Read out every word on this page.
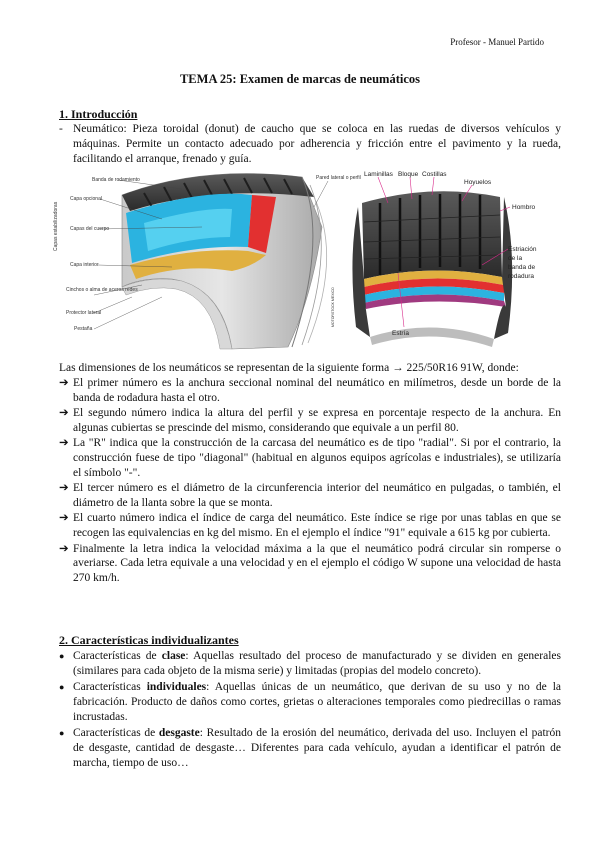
Profesor - Manuel Partido
TEMA 25: Examen de marcas de neumáticos
1. Introducción
- Neumático: Pieza toroidal (donut) de caucho que se coloca en las ruedas de diversos vehículos y máquinas. Permite un contacto adecuado por adherencia y fricción entre el pavimento y la rueda, facilitando el arranque, frenado y guía.
Banda de rodamiento
Capa opcional
Capas del cuerpo
Capa interior
Cinchos o alma de aceros redes
Protector lateral
Pestaña
Pared lateral o perfil
Capas estabilizadoras
MOTORSTOCK MEXICO
Laminillas Bloque Costillas
Hoyuelos
Hombro
Estriación
de la
banda de
rodadura
Estría
Las dimensiones de los neumáticos se representan de la siguiente forma → 225/50R16 91W, donde:
➔ El primer número es la anchura seccional nominal del neumático en milímetros, desde un borde de la banda de rodadura hasta el otro.
➔ El segundo número indica la altura del perfil y se expresa en porcentaje respecto de la anchura. En algunas cubiertas se prescinde del mismo, considerando que equivale a un perfil 80.
➔ La "R" indica que la construcción de la carcasa del neumático es de tipo "radial". Si por el contrario, la construcción fuese de tipo "diagonal" (habitual en algunos equipos agrícolas e industriales), se utilizaría el símbolo "-".
➔ El tercer número es el diámetro de la circunferencia interior del neumático en pulgadas, o también, el diámetro de la llanta sobre la que se monta.
➔ El cuarto número indica el índice de carga del neumático. Este índice se rige por unas tablas en que se recogen las equivalencias en kg del mismo. En el ejemplo el índice "91" equivale a 615 kg por cubierta.
➔ Finalmente la letra indica la velocidad máxima a la que el neumático podrá circular sin romperse o averiarse. Cada letra equivale a una velocidad y en el ejemplo el código W supone una velocidad de hasta 270 km/h.
2. Características individualizantes
● Características de clase: Aquellas resultado del proceso de manufacturado y se dividen en generales (similares para cada objeto de la misma serie) y limitadas (propias del modelo concreto).
● Características individuales: Aquellas únicas de un neumático, que derivan de su uso y no de la fabricación. Producto de daños como cortes, grietas o alteraciones temporales como piedrecillas o ramas incrustadas.
● Características de desgaste: Resultado de la erosión del neumático, derivada del uso. Incluyen el patrón de desgaste, cantidad de desgaste… Diferentes para cada vehículo, ayudan a identificar el patrón de marcha, tiempo de uso…
